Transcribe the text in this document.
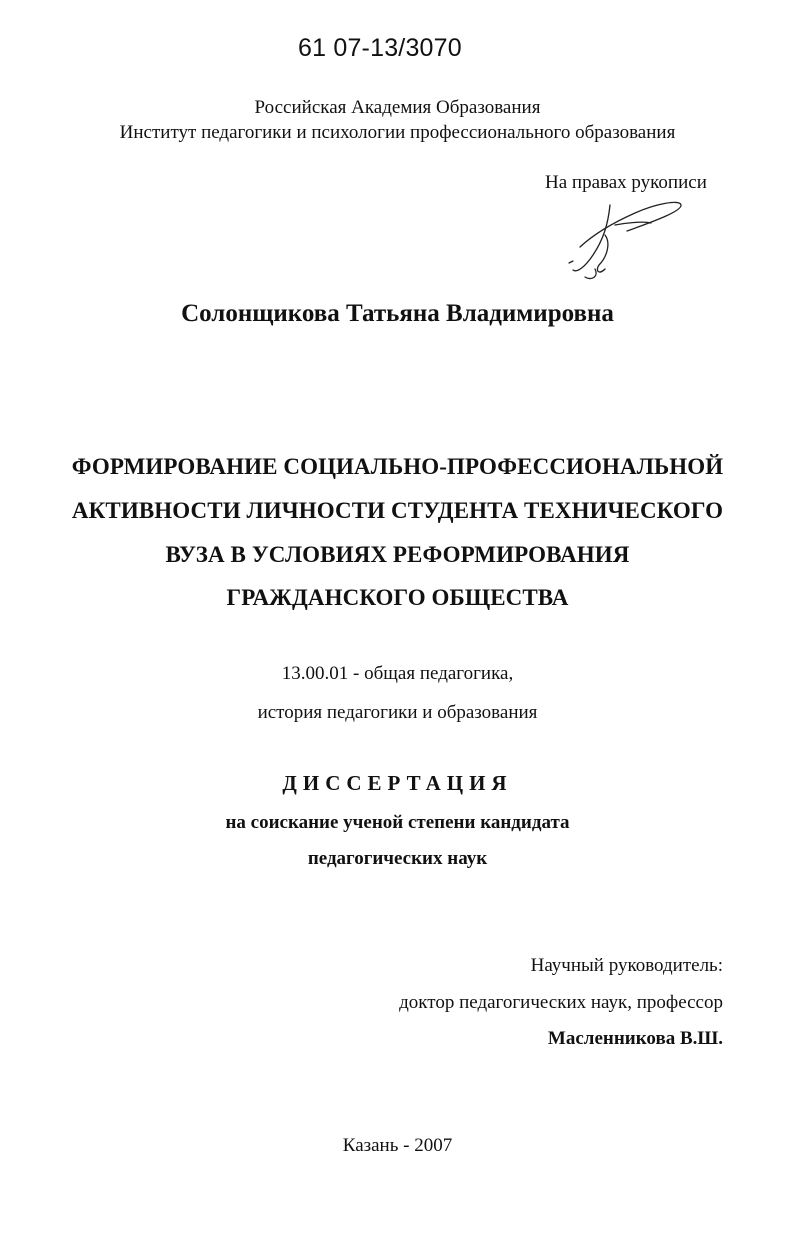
61 07-13/3070

Российская Академия Образования

Институт педагогики и психологии профессионального образования

На правах рукописи

Солонщикова Татьяна Владимировна

ФОРМИРОВАНИЕ СОЦИАЛЬНО-ПРОФЕССИОНАЛЬНОЙ

АКТИВНОСТИ ЛИЧНОСТИ СТУДЕНТА ТЕХНИЧЕСКОГО

ВУЗА В УСЛОВИЯХ РЕФОРМИРОВАНИЯ

ГРАЖДАНСКОГО ОБЩЕСТВА

13.00.01 - общая педагогика,

история педагогики и образования

ДИССЕРТАЦИЯ

на соискание ученой степени кандидата

педагогических наук

Научный руководитель:

доктор педагогических наук, профессор

Масленникова В.Ш.

Казань - 2007
